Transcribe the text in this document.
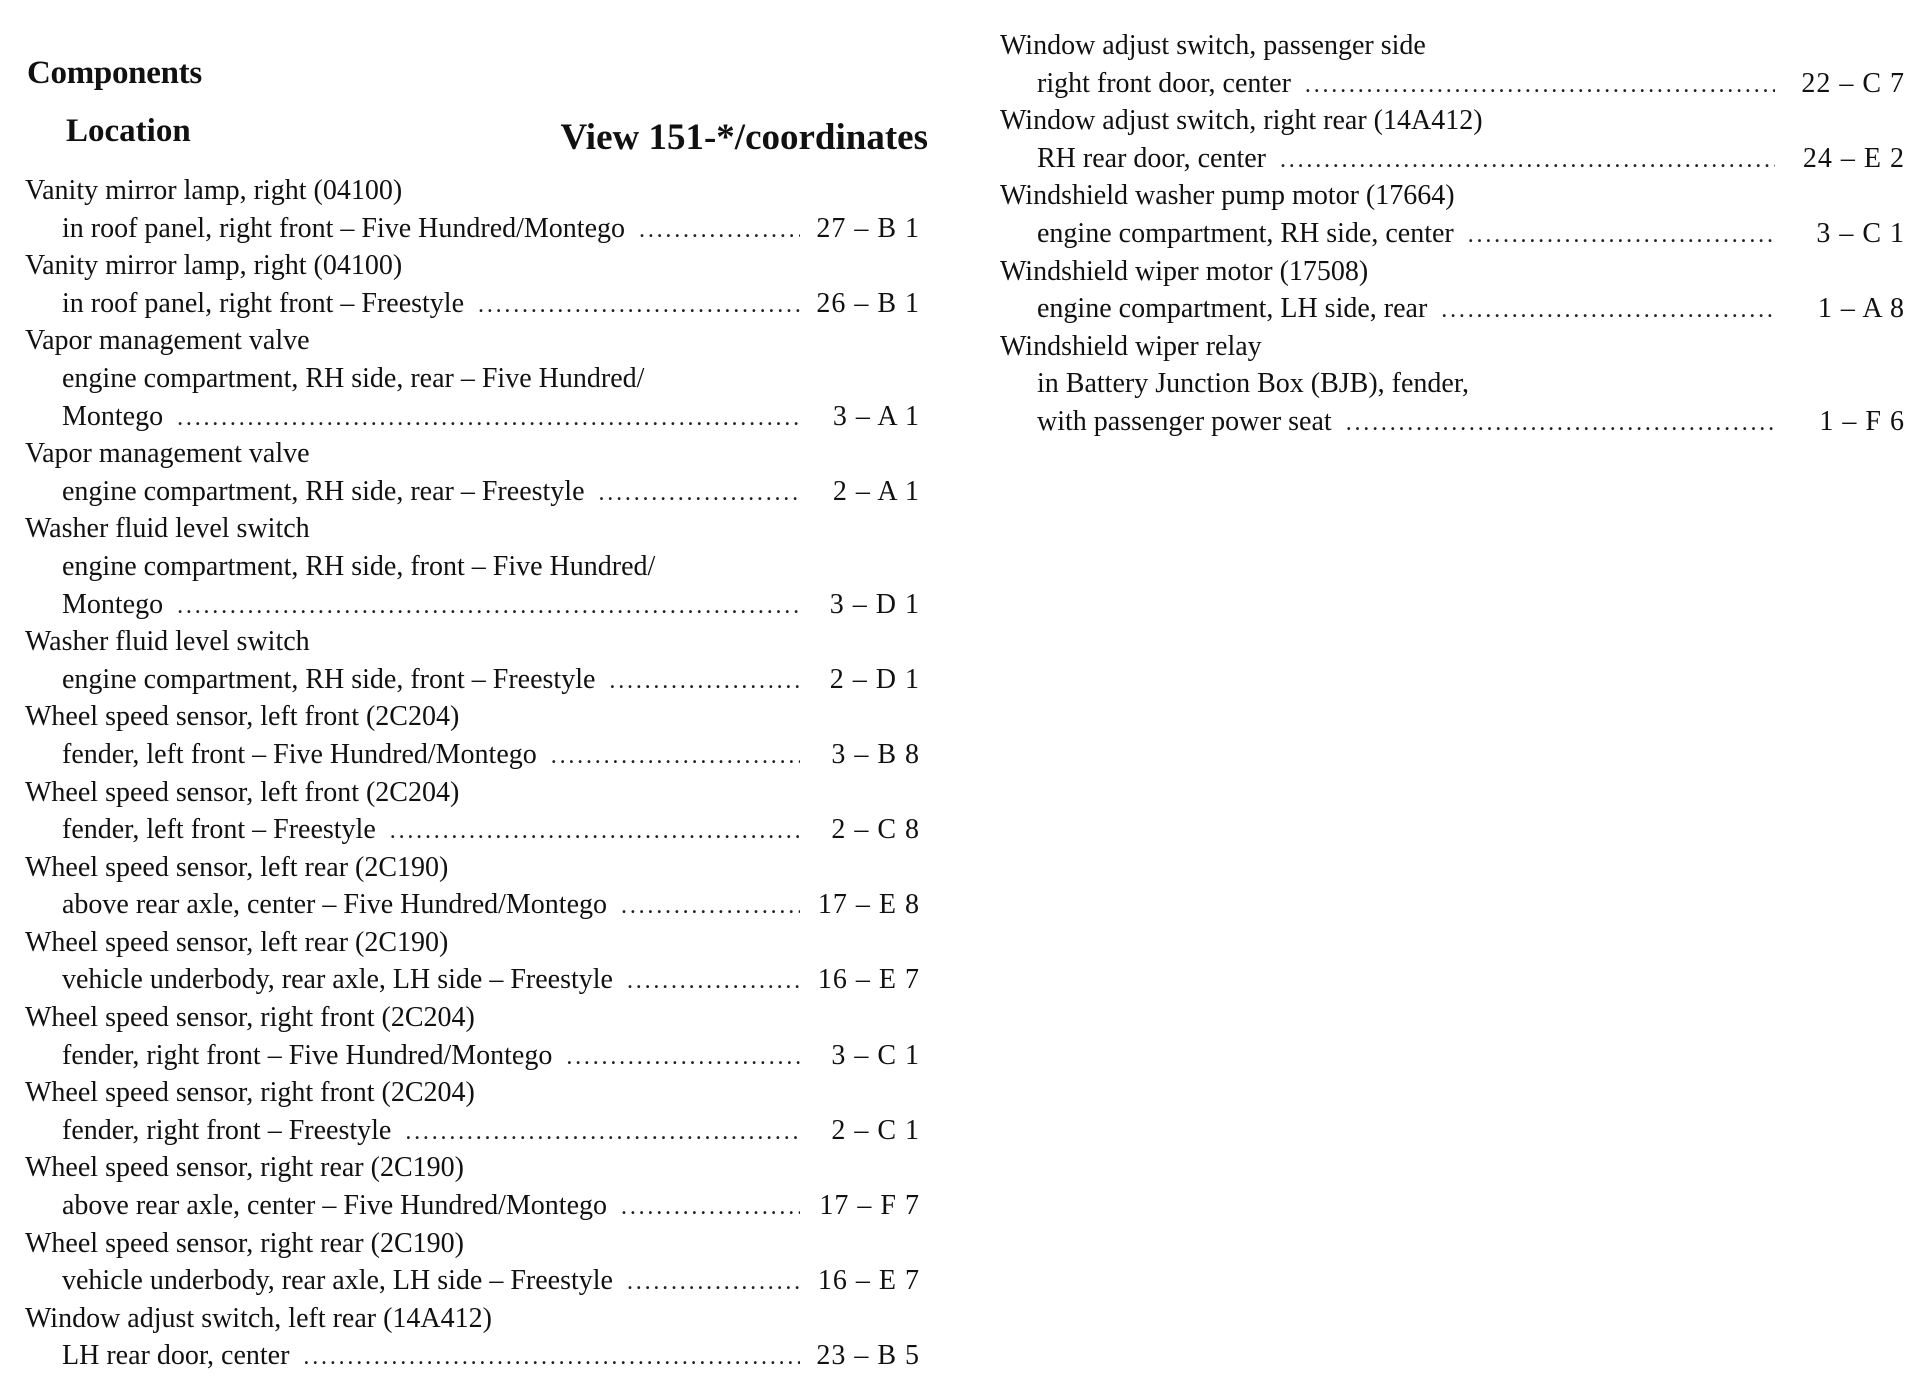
Components
Location	View 151-*/coordinates
Vanity mirror lamp, right (04100)
in roof panel, right front – Five Hundred/Montego . . .	27 – B 1
Vanity mirror lamp, right (04100)
in roof panel, right front – Freestyle . . .	26 – B 1
Vapor management valve
engine compartment, RH side, rear – Five Hundred/
Montego . . .	3 – A 1
Vapor management valve
engine compartment, RH side, rear – Freestyle . . .	2 – A 1
Washer fluid level switch
engine compartment, RH side, front – Five Hundred/
Montego . . .	3 – D 1
Washer fluid level switch
engine compartment, RH side, front – Freestyle . . .	2 – D 1
Wheel speed sensor, left front (2C204)
fender, left front – Five Hundred/Montego . . .	3 – B 8
Wheel speed sensor, left front (2C204)
fender, left front – Freestyle . . .	2 – C 8
Wheel speed sensor, left rear (2C190)
above rear axle, center – Five Hundred/Montego . . .	17 – E 8
Wheel speed sensor, left rear (2C190)
vehicle underbody, rear axle, LH side – Freestyle . . .	16 – E 7
Wheel speed sensor, right front (2C204)
fender, right front – Five Hundred/Montego . . .	3 – C 1
Wheel speed sensor, right front (2C204)
fender, right front – Freestyle . . .	2 – C 1
Wheel speed sensor, right rear (2C190)
above rear axle, center – Five Hundred/Montego . . .	17 – F 7
Wheel speed sensor, right rear (2C190)
vehicle underbody, rear axle, LH side – Freestyle . . .	16 – E 7
Window adjust switch, left rear (14A412)
LH rear door, center . . .	23 – B 5
Window adjust switch, passenger side
right front door, center . . .	22 – C 7
Window adjust switch, right rear (14A412)
RH rear door, center . . .	24 – E 2
Windshield washer pump motor (17664)
engine compartment, RH side, center . . .	3 – C 1
Windshield wiper motor (17508)
engine compartment, LH side, rear . . .	1 – A 8
Windshield wiper relay
in Battery Junction Box (BJB), fender,
with passenger power seat . . .	1 – F 6
